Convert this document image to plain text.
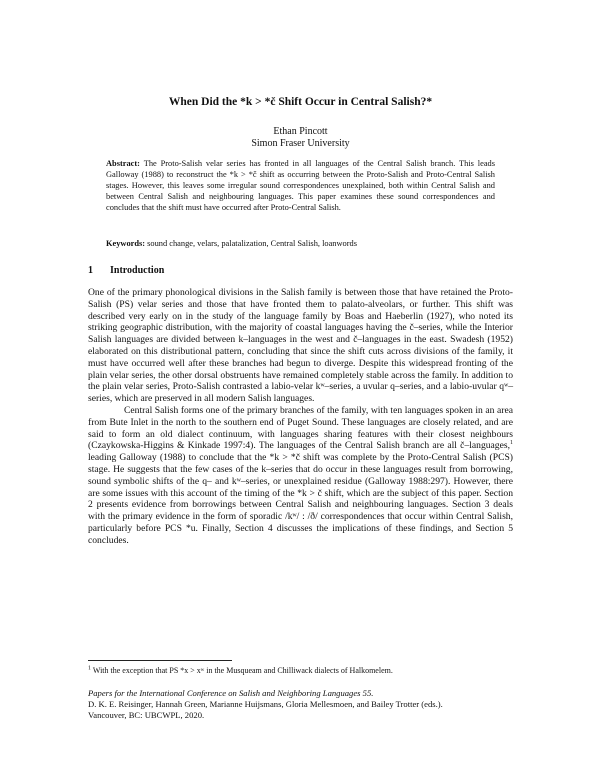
When Did the *k > *č Shift Occur in Central Salish?*
Ethan Pincott
Simon Fraser University
Abstract: The Proto-Salish velar series has fronted in all languages of the Central Salish branch. This leads Galloway (1988) to reconstruct the *k > *č shift as occurring between the Proto-Salish and Proto-Central Salish stages. However, this leaves some irregular sound correspondences unexplained, both within Central Salish and between Central Salish and neighbouring languages. This paper examines these sound correspondences and concludes that the shift must have occurred after Proto-Central Salish.
Keywords: sound change, velars, palatalization, Central Salish, loanwords
1 Introduction

One of the primary phonological divisions in the Salish family is between those that have retained the Proto-Salish (PS) velar series and those that have fronted them to palato-alveolars, or further. This shift was described very early on in the study of the language family by Boas and Haeberlin (1927), who noted its striking geographic distribution, with the majority of coastal languages having the č–series, while the Interior Salish languages are divided between k–languages in the west and č–languages in the east. Swadesh (1952) elaborated on this distributional pattern, concluding that since the shift cuts across divisions of the family, it must have occurred well after these branches had begun to diverge. Despite this widespread fronting of the plain velar series, the other dorsal obstruents have remained completely stable across the family. In addition to the plain velar series, Proto-Salish contrasted a labio-velar kʷ–series, a uvular q–series, and a labio-uvular qʷ–series, which are preserved in all modern Salish languages.

Central Salish forms one of the primary branches of the family, with ten languages spoken in an area from Bute Inlet in the north to the southern end of Puget Sound. These languages are closely related, and are said to form an old dialect continuum, with languages sharing features with their closest neighbours (Czaykowska-Higgins & Kinkade 1997:4). The languages of the Central Salish branch are all č–languages,$^1$ leading Galloway (1988) to conclude that the *k > *č shift was complete by the Proto-Central Salish (PCS) stage. He suggests that the few cases of the k–series that do occur in these languages result from borrowing, sound symbolic shifts of the q– and kʷ–series, or unexplained residue (Galloway 1988:297). However, there are some issues with this account of the timing of the *k > č shift, which are the subject of this paper. Section 2 presents evidence from borrowings between Central Salish and neighbouring languages. Section 3 deals with the primary evidence in the form of sporadic /kʷ/ : /ð/ correspondences that occur within Central Salish, particularly before PCS *u. Finally, Section 4 discusses the implications of these findings, and Section 5 concludes.

$^1$ With the exception that PS *x > xʷ in the Musqueam and Chilliwack dialects of Halkomelem.
Papers for the International Conference on Salish and Neighboring Languages 55.
D. K. E. Reisinger, Hannah Green, Marianne Huijsmans, Gloria Mellesmoen, and Bailey Trotter (eds.).
Vancouver, BC: UBCWPL, 2020.
